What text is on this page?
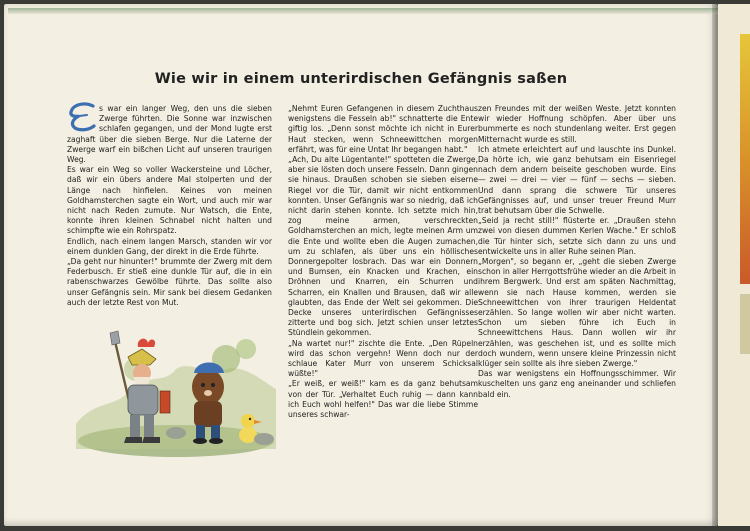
Wie wir in einem unterirdischen Gefängnis saßen

s war ein langer Weg, den uns die sieben Zwerge führten. Die Sonne war inzwischen schlafen gegangen, und der Mond lugte erst zaghaft über die sieben Berge. Nur die Laterne der Zwerge warf ein bißchen Licht auf unseren traurigen Weg.

Es war ein Weg so voller Wackersteine und Löcher, daß wir ein übers andere Mal stolperten und der Länge nach hinfielen. Keines von meinen Goldhamsterchen sagte ein Wort, und auch mir war nicht nach Reden zumute. Nur Watsch, die Ente, konnte ihren kleinen Schnabel nicht halten und schimpfte wie ein Rohrspatz.

Endlich, nach einem langen Marsch, standen wir vor einem dunklen Gang, der direkt in die Erde führte.

„Da geht nur hinunter!" brummte der Zwerg mit dem Federbusch. Er stieß eine dunkle Tür auf, die in ein rabenschwarzes Gewölbe führte. Das sollte also unser Gefängnis sein. Mir sank bei diesem Gedanken auch der letzte Rest von Mut.

„Nehmt Euren Gefangenen in diesem Zuchthaus wenigstens die Fesseln ab!" schnatterte die Ente giftig los. „Denn sonst möchte ich nicht in Eurer Haut stecken, wenn Schneewittchen morgen erfährt, was für eine Untat Ihr begangen habt."

„Ach, Du alte Lügentante!" spotteten die Zwerge, aber sie lösten doch unsere Fesseln. Dann gingen sie hinaus. Draußen schoben sie sieben eiserne Riegel vor die Tür, damit wir nicht entkommen konnten. Unser Gefängnis war so niedrig, daß ich nicht darin stehen konnte. Ich setzte mich hin, zog meine armen, verschreckten Goldhamsterchen an mich, legte meinen Arm um die Ente und wollte eben die Augen zumachen, um zu schlafen, als über uns ein höllisches Donnergepolter losbrach. Das war ein Donnern und Bumsen, ein Knacken und Krachen, ein Dröhnen und Knarren, ein Schurren und Scharren, ein Knallen und Brausen, daß wir alle glaubten, das Ende der Welt sei gekommen. Die Decke unseres unterirdischen Gefängnisses zitterte und bog sich. Jetzt schien unser letztes Stündlein gekommen.

„Na wartet nur!" zischte die Ente. „Den Rüpeln wird das schon vergehn! Wenn doch nur der schlaue Kater Murr von unserem Schicksal wüßte!"

„Er weiß, er weiß!" kam es da ganz behutsam von der Tür. „Verhaltet Euch ruhig — dann kann ich Euch wohl helfen!" Das war die liebe Stimme unseres schwar-

zen Freundes mit der weißen Weste. Jetzt konnten wir wieder Hoffnung schöpfen. Aber über uns bummerte es noch stundenlang weiter. Erst gegen Mitternacht wurde es still.

Ich atmete erleichtert auf und lauschte ins Dunkel. Da hörte ich, wie ganz behutsam ein Eisenriegel nach dem andern beiseite geschoben wurde. Eins — zwei — drei — vier — fünf — sechs — sieben. Und dann sprang die schwere Tür unseres Gefängnisses auf, und unser treuer Freund Murr trat behutsam über die Schwelle.

„Seid ja recht still!" flüsterte er. „Draußen stehn zwei von diesen dummen Kerlen Wache." Er schloß die Tür hinter sich, setzte sich dann zu uns und entwickelte uns in aller Ruhe seinen Plan.

„Morgen", so begann er, „geht die sieben Zwerge schon in aller Herrgottsfrühe wieder an die Arbeit in ihrem Bergwerk. Und erst am späten Nachmittag, wenn sie nach Hause kommen, werden sie Schneewittchen von ihrer traurigen Heldentat erzählen. So lange wollen wir aber nicht warten. Schon um sieben führe ich Euch in Schneewittchens Haus. Dann wollen wir ihr erzählen, was geschehen ist, und es sollte mich doch wundern, wenn unsere kleine Prinzessin nicht klüger sein sollte als ihre sieben Zwerge."

Das war wenigstens ein Hoffnungsschimmer. Wir kuschelten uns ganz eng aneinander und schliefen bald ein.
